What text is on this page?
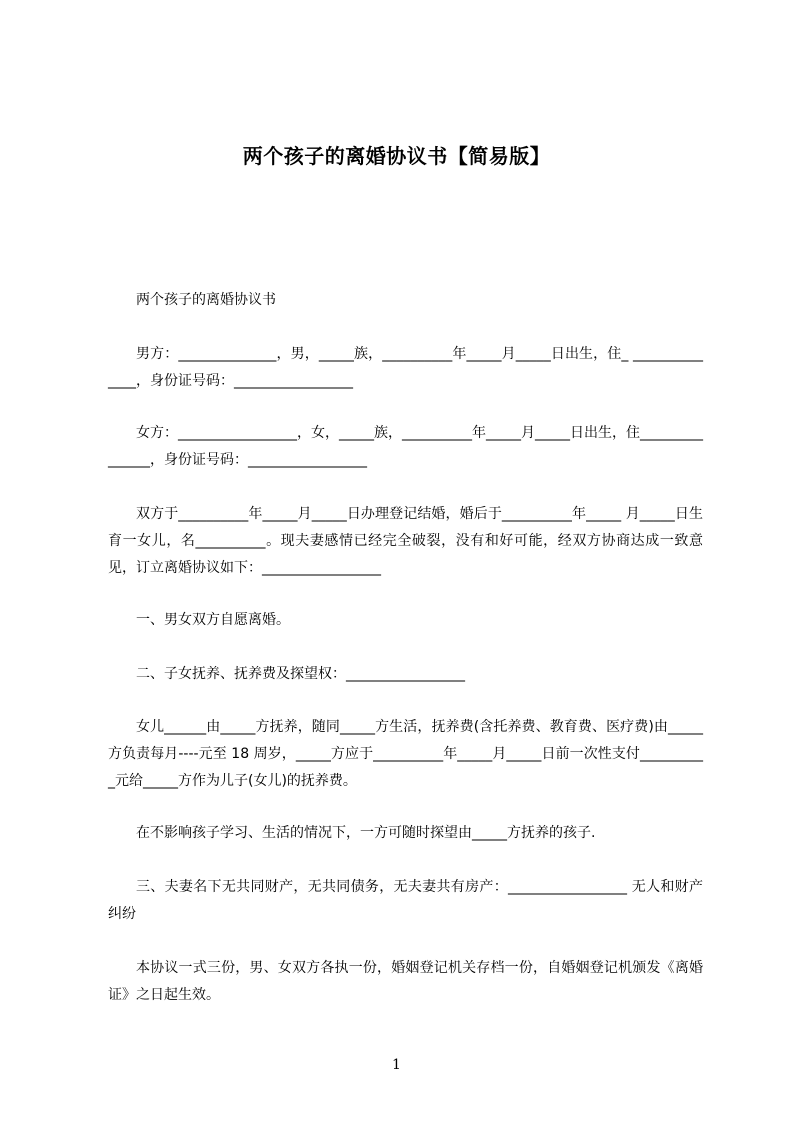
两个孩子的离婚协议书【简易版】

两个孩子的离婚协议书

男方：______________，男，_____族，__________年_____月_____日出生，住_ ______________，身份证号码：_________________

女方：_________________，女，_____族，__________年_____月_____日出生，住_______________，身份证号码：_________________

双方于__________年_____月_____日办理登记结婚，婚后于__________年_____ 月_____日生育一女儿，名__________。现夫妻感情已经完全破裂，没有和好可能，经双方协商达成一致意见，订立离婚协议如下：_________________

一、男女双方自愿离婚。

二、子女抚养、抚养费及探望权：_________________

女儿______由_____方抚养，随同_____方生活，抚养费(含托养费、教育费、医疗费)由_____方负责每月----元至 18 周岁，_____方应于__________年_____月_____日前一次性支付__________元给_____方作为儿子(女儿)的抚养费。

在不影响孩子学习、生活的情况下，一方可随时探望由_____方抚养的孩子.

三、夫妻名下无共同财产，无共同债务，无夫妻共有房产：_________________ 无人和财产纠纷

本协议一式三份，男、女双方各执一份，婚姻登记机关存档一份，自婚姻登记机颁发《离婚证》之日起生效。

1
